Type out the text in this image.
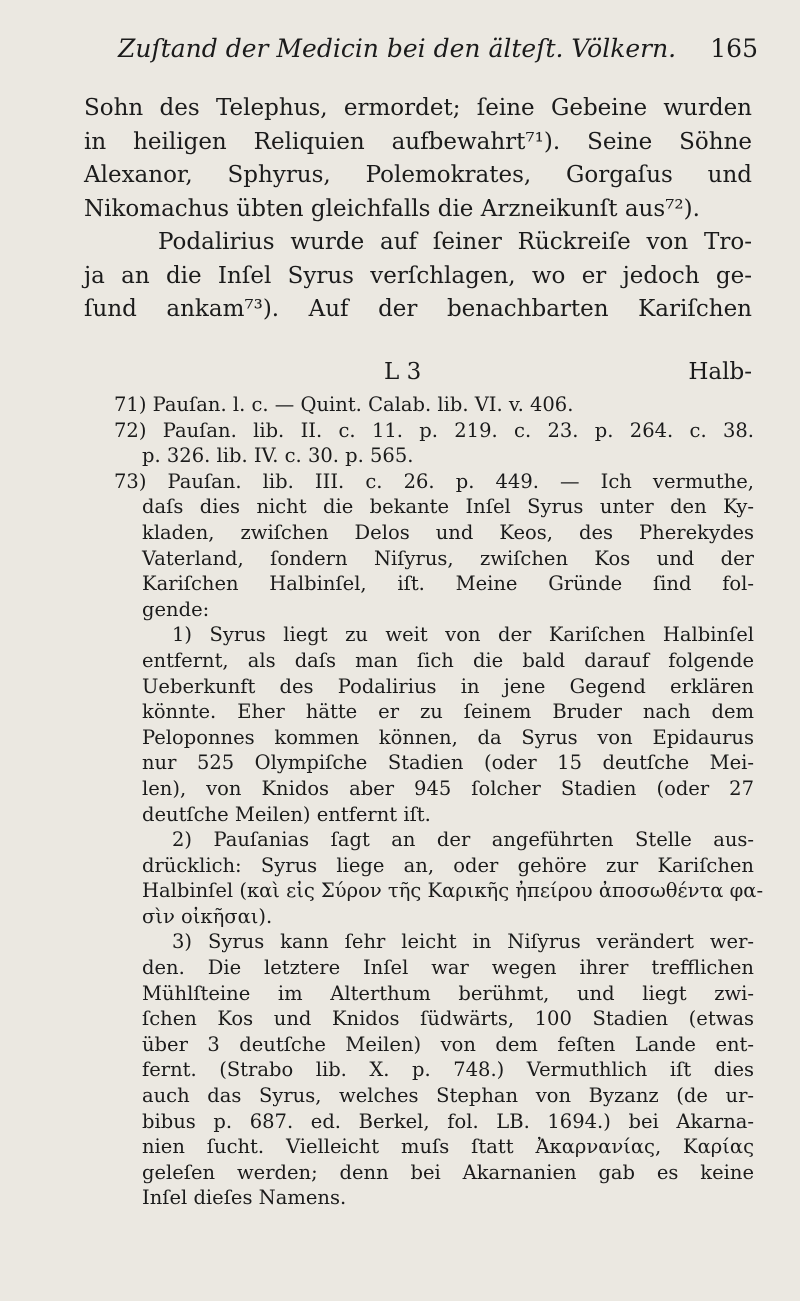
Zuſtand der Medicin bei den älteſt. Völkern. 165
Sohn des Telephus, ermordet; ſeine Gebeine wurden
in heiligen Reliquien aufbewahrt⁷¹). Seine Söhne
Alexanor, Sphyrus, Polemokrates, Gorgaſus und
Nikomachus übten gleichfalls die Arzneikunſt aus⁷²).
Podalirius wurde auf ſeiner Rückreiſe von Tro-
ja an die Inſel Syrus verſchlagen, wo er jedoch ge-
ſund ankam⁷³). Auf der benachbarten Kariſchen
L 3	Halb-
71) Pauſan. l. c. — Quint. Calab. lib. VI. v. 406.
72) Pauſan. lib. II. c. 11. p. 219. c. 23. p. 264. c. 38.
p. 326. lib. IV. c. 30. p. 565.
73) Pauſan. lib. III. c. 26. p. 449. — Ich vermuthe,
daſs dies nicht die bekante Inſel Syrus unter den Ky-
kladen, zwiſchen Delos und Keos, des Pherekydes
Vaterland, ſondern Niſyrus, zwiſchen Kos und der
Kariſchen Halbinſel, iſt. Meine Gründe ſind fol-
gende:
1) Syrus liegt zu weit von der Kariſchen Halbinſel
entfernt, als daſs man ſich die bald darauf folgende
Ueberkunft des Podalirius in jene Gegend erklären
könnte. Eher hätte er zu ſeinem Bruder nach dem
Peloponnes kommen können, da Syrus von Epidaurus
nur 525 Olympiſche Stadien (oder 15 deutſche Mei-
len), von Knidos aber 945 ſolcher Stadien (oder 27
deutſche Meilen) entfernt iſt.
2) Pauſanias ſagt an der angeführten Stelle aus-
drücklich: Syrus liege an, oder gehöre zur Kariſchen
Halbinſel (καὶ εἰς Σύρον τῆς Καρικῆς ἠπείρου ἀποσωθέντα φα-
σὶν οἰκῆσαι).
3) Syrus kann ſehr leicht in Niſyrus verändert wer-
den. Die letztere Inſel war wegen ihrer trefflichen
Mühlſteine im Alterthum berühmt, und liegt zwi-
ſchen Kos und Knidos ſüdwärts, 100 Stadien (etwas
über 3 deutſche Meilen) von dem feſten Lande ent-
fernt. (Strabo lib. X. p. 748.) Vermuthlich iſt dies
auch das Syrus, welches Stephan von Byzanz (de ur-
bibus p. 687. ed. Berkel, fol. LB. 1694.) bei Akarna-
nien ſucht. Vielleicht muſs ſtatt Ἀκαρνανίας, Καρίας
geleſen werden; denn bei Akarnanien gab es keine
Inſel dieſes Namens.
